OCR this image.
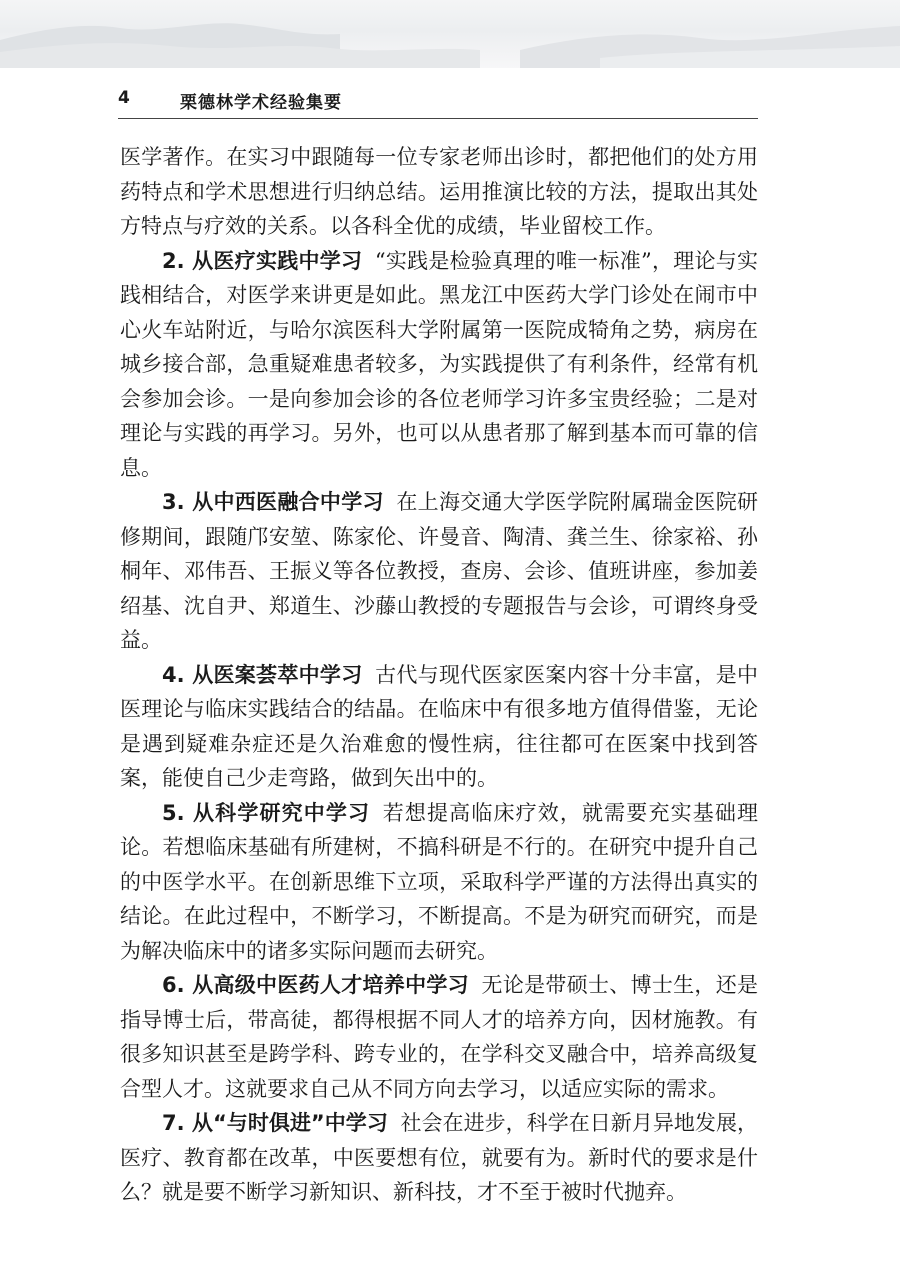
4	栗德林学术经验集要

医学著作。在实习中跟随每一位专家老师出诊时，都把他们的处方用药特点和学术思想进行归纳总结。运用推演比较的方法，提取出其处方特点与疗效的关系。以各科全优的成绩，毕业留校工作。

2. 从医疗实践中学习 “实践是检验真理的唯一标准”，理论与实践相结合，对医学来讲更是如此。黑龙江中医药大学门诊处在闹市中心火车站附近，与哈尔滨医科大学附属第一医院成犄角之势，病房在城乡接合部，急重疑难患者较多，为实践提供了有利条件，经常有机会参加会诊。一是向参加会诊的各位老师学习许多宝贵经验；二是对理论与实践的再学习。另外，也可以从患者那了解到基本而可靠的信息。

3. 从中西医融合中学习 在上海交通大学医学院附属瑞金医院研修期间，跟随邝安堃、陈家伦、许曼音、陶清、龚兰生、徐家裕、孙桐年、邓伟吾、王振义等各位教授，查房、会诊、值班讲座，参加姜绍基、沈自尹、郑道生、沙藤山教授的专题报告与会诊，可谓终身受益。

4. 从医案荟萃中学习 古代与现代医家医案内容十分丰富，是中医理论与临床实践结合的结晶。在临床中有很多地方值得借鉴，无论是遇到疑难杂症还是久治难愈的慢性病，往往都可在医案中找到答案，能使自己少走弯路，做到矢出中的。

5. 从科学研究中学习 若想提高临床疗效，就需要充实基础理论。若想临床基础有所建树，不搞科研是不行的。在研究中提升自己的中医学水平。在创新思维下立项，采取科学严谨的方法得出真实的结论。在此过程中，不断学习，不断提高。不是为研究而研究，而是为解决临床中的诸多实际问题而去研究。

6. 从高级中医药人才培养中学习 无论是带硕士、博士生，还是指导博士后，带高徒，都得根据不同人才的培养方向，因材施教。有很多知识甚至是跨学科、跨专业的，在学科交叉融合中，培养高级复合型人才。这就要求自己从不同方向去学习，以适应实际的需求。

7. 从“与时俱进”中学习 社会在进步，科学在日新月异地发展，医疗、教育都在改革，中医要想有位，就要有为。新时代的要求是什么？就是要不断学习新知识、新科技，才不至于被时代抛弃。
